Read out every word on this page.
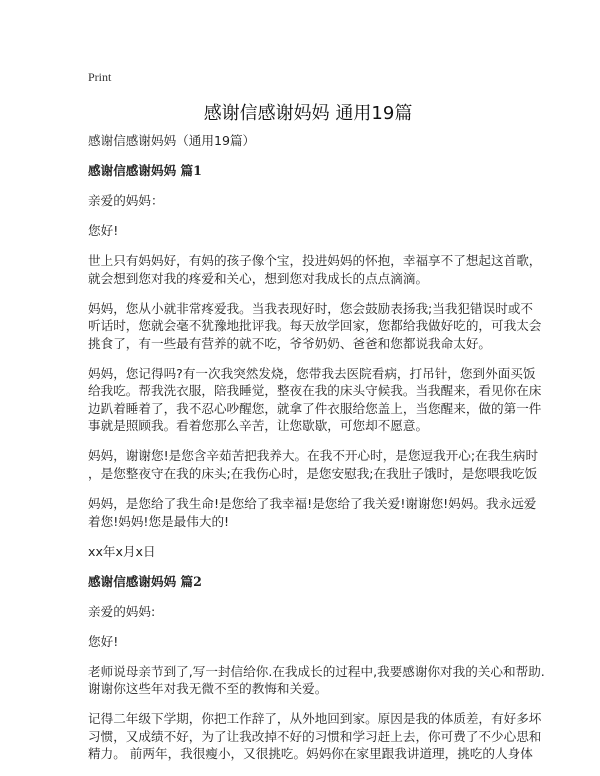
Print
感谢信感谢妈妈 通用19篇
感谢信感谢妈妈（通用19篇）
感谢信感谢妈妈 篇1
亲爱的妈妈：
您好!
世上只有妈妈好，有妈的孩子像个宝，投进妈妈的怀抱，幸福享不了想起这首歌，
就会想到您对我的疼爱和关心，想到您对我成长的点点滴滴。
妈妈，您从小就非常疼爱我。当我表现好时，您会鼓励表扬我;当我犯错误时或不
听话时，您就会毫不犹豫地批评我。每天放学回家，您都给我做好吃的，可我太会
挑食了，有一些最有营养的就不吃，爷爷奶奶、爸爸和您都说我命太好。
妈妈，您记得吗?有一次我突然发烧，您带我去医院看病，打吊针，您到外面买饭
给我吃。帮我洗衣服，陪我睡觉，整夜在我的床头守候我。当我醒来，看见你在床
边趴着睡着了，我不忍心吵醒您，就拿了件衣服给您盖上，当您醒来，做的第一件
事就是照顾我。看着您那么辛苦，让您歇歇，可您却不愿意。
妈妈，谢谢您!是您含辛茹苦把我养大。在我不开心时，是您逗我开心;在我生病时
，是您整夜守在我的床头;在我伤心时，是您安慰我;在我肚子饿时，是您喂我吃饭
妈妈，是您给了我生命!是您给了我幸福!是您给了我关爱!谢谢您!妈妈。我永远爱
着您!妈妈!您是最伟大的!
xx年x月x日
感谢信感谢妈妈 篇2
亲爱的妈妈:
您好!
老师说母亲节到了,写一封信给你.在我成长的过程中,我要感谢你对我的关心和帮助.
谢谢你这些年对我无微不至的教悔和关爱。
记得二年级下学期，你把工作辞了，从外地回到家。原因是我的体质差，有好多坏
习惯，又成绩不好，为了让我改掉不好的习惯和学习赶上去，你可费了不少心思和
精力。 前两年，我很瘦小，又很挑吃。妈妈你在家里跟我讲道理，挑吃的人身体
